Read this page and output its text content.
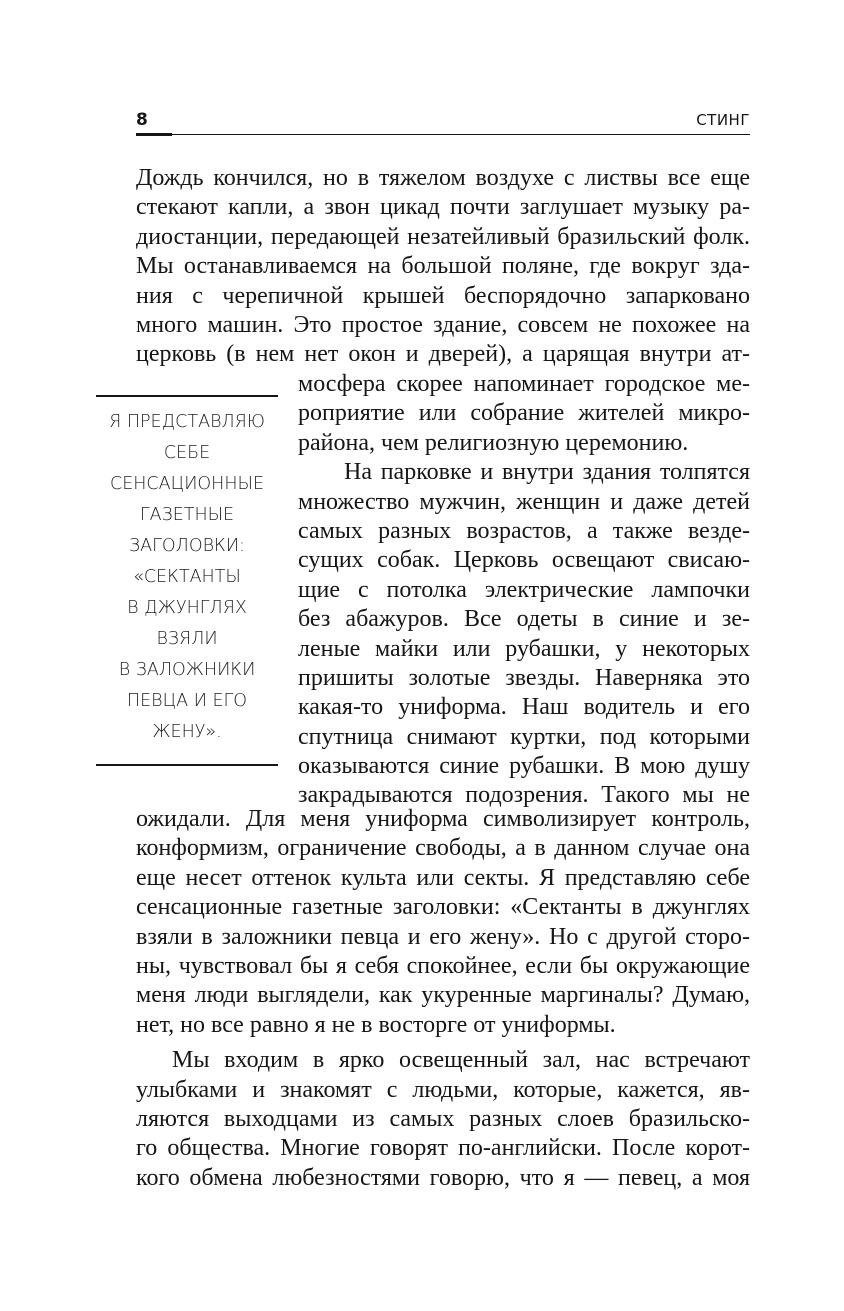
8	СТИНГ
Дождь кончился, но в тяжелом воздухе с листвы все еще
стекают капли, а звон цикад почти заглушает музыку ра-
диостанции, передающей незатейливый бразильский фолк.
Мы останавливаемся на большой поляне, где вокруг зда-
ния с черепичной крышей беспорядочно запарковано
много машин. Это простое здание, совсем не похожее на
церковь (в нем нет окон и дверей), а царящая внутри ат-
Я ПРЕДСТАВЛЯЮ
СЕБЕ
СЕНСАЦИОННЫЕ
ГАЗЕТНЫЕ
ЗАГОЛОВКИ:
«СЕКТАНТЫ
В ДЖУНГЛЯХ
ВЗЯЛИ
В ЗАЛОЖНИКИ
ПЕВЦА И ЕГО
ЖЕНУ».
мосфера скорее напоминает городское ме-
роприятие или собрание жителей микро-
района, чем религиозную церемонию.
На парковке и внутри здания толпятся
множество мужчин, женщин и даже детей
самых разных возрастов, а также везде-
сущих собак. Церковь освещают свисаю-
щие с потолка электрические лампочки
без абажуров. Все одеты в синие и зе-
леные майки или рубашки, у некоторых
пришиты золотые звезды. Наверняка это
какая-то униформа. Наш водитель и его
спутница снимают куртки, под которыми
оказываются синие рубашки. В мою душу
закрадываются подозрения. Такого мы не
ожидали. Для меня униформа символизирует контроль,
конформизм, ограничение свободы, а в данном случае она
еще несет оттенок культа или секты. Я представляю себе
сенсационные газетные заголовки: «Сектанты в джунглях
взяли в заложники певца и его жену». Но с другой сторо-
ны, чувствовал бы я себя спокойнее, если бы окружающие
меня люди выглядели, как укуренные маргиналы? Думаю,
нет, но все равно я не в восторге от униформы.
Мы входим в ярко освещенный зал, нас встречают
улыбками и знакомят с людьми, которые, кажется, яв-
ляются выходцами из самых разных слоев бразильско-
го общества. Многие говорят по-английски. После корот-
кого обмена любезностями говорю, что я — певец, а моя
